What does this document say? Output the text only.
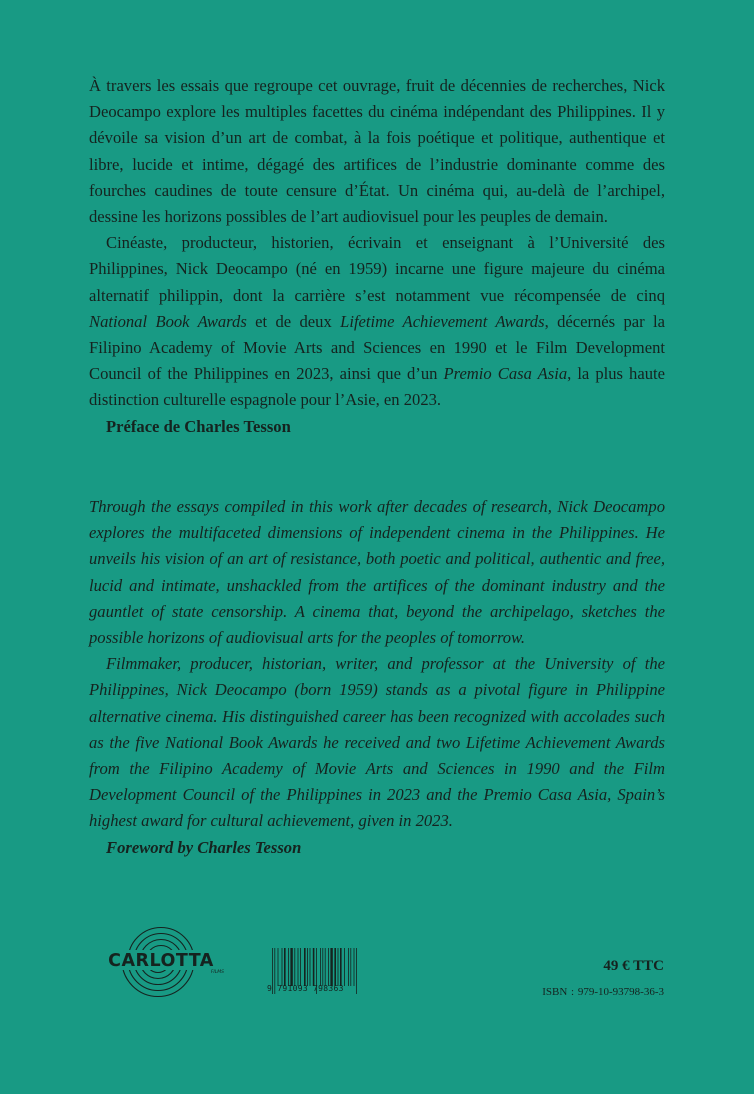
À travers les essais que regroupe cet ouvrage, fruit de décennies de recherches, Nick Deocampo explore les multiples facettes du cinéma indépendant des Philippines. Il y dévoile sa vision d’un art de combat, à la fois poétique et politique, authentique et libre, lucide et intime, dégagé des artifices de l’industrie dominante comme des fourches caudines de toute censure d’État. Un cinéma qui, au-delà de l’archipel, dessine les horizons possibles de l’art audiovisuel pour les peuples de demain.

Cinéaste, producteur, historien, écrivain et enseignant à l’Université des Philippines, Nick Deocampo (né en 1959) incarne une figure majeure du cinéma alternatif philippin, dont la carrière s’est notamment vue récompensée de cinq National Book Awards et de deux Lifetime Achievement Awards, décernés par la Filipino Academy of Movie Arts and Sciences en 1990 et le Film Development Council of the Philippines en 2023, ainsi que d’un Premio Casa Asia, la plus haute distinction culturelle espagnole pour l’Asie, en 2023.

Préface de Charles Tesson

Through the essays compiled in this work after decades of research, Nick Deocampo explores the multifaceted dimensions of independent cinema in the Philippines. He unveils his vision of an art of resistance, both poetic and political, authentic and free, lucid and intimate, unshackled from the artifices of the dominant industry and the gauntlet of state censorship. A cinema that, beyond the archipelago, sketches the possible horizons of audiovisual arts for the peoples of tomorrow.

Filmmaker, producer, historian, writer, and professor at the University of the Philippines, Nick Deocampo (born 1959) stands as a pivotal figure in Philippine alternative cinema. His distinguished career has been recognized with accolades such as the five National Book Awards he received and two Lifetime Achievement Awards from the Filipino Academy of Movie Arts and Sciences in 1990 and the Film Development Council of the Philippines in 2023 and the Premio Casa Asia, Spain’s highest award for cultural achievement, given in 2023.

Foreword by Charles Tesson

CARLOTTA
FILMS
9 791093 798363
49 € TTC
ISBN : 979-10-93798-36-3
